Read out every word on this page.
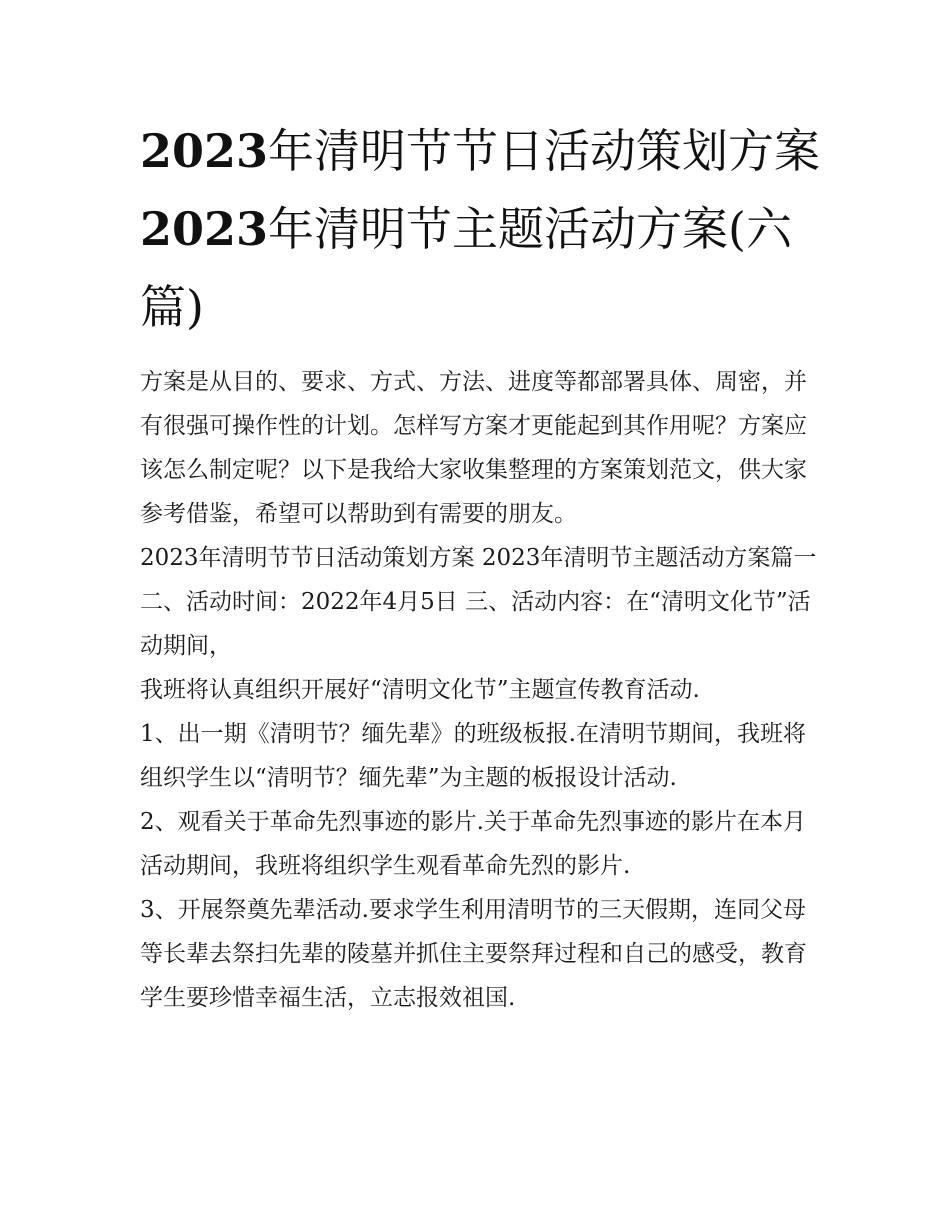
2023年清明节节日活动策划方案2023年清明节主题活动方案(六篇)

方案是从目的、要求、方式、方法、进度等都部署具体、周密，并有很强可操作性的计划。怎样写方案才更能起到其作用呢？方案应该怎么制定呢？以下是我给大家收集整理的方案策划范文，供大家参考借鉴，希望可以帮助到有需要的朋友。

2023年清明节节日活动策划方案 2023年清明节主题活动方案篇一 二、活动时间：2022年4月5日 三、活动内容：在“清明文化节”活动期间，

我班将认真组织开展好“清明文化节”主题宣传教育活动.

1、出一期《清明节？缅先辈》的班级板报.在清明节期间，我班将组织学生以“清明节？缅先辈”为主题的板报设计活动.

2、观看关于革命先烈事迹的影片.关于革命先烈事迹的影片在本月活动期间，我班将组织学生观看革命先烈的影片.

3、开展祭奠先辈活动.要求学生利用清明节的三天假期，连同父母等长辈去祭扫先辈的陵墓并抓住主要祭拜过程和自己的感受，教育学生要珍惜幸福生活，立志报效祖国.
